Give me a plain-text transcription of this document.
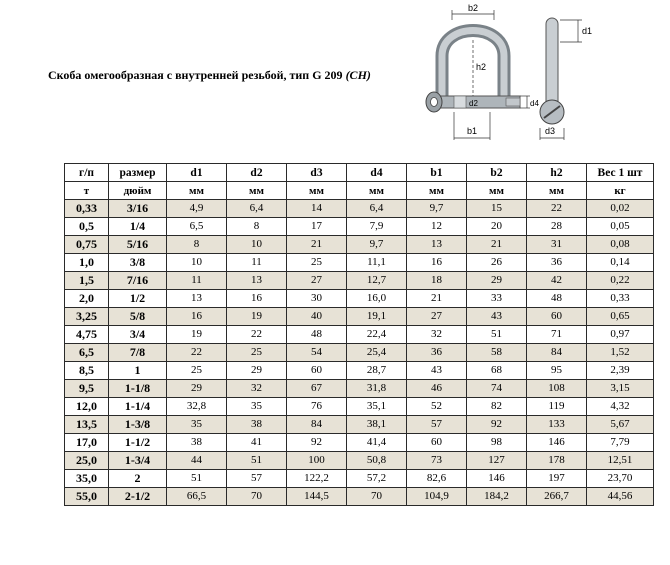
Скоба омегообразная с внутренней резьбой, тип G 209 (CH)
b2
h2
d2	d4
b1
d1
d3
г/п	размер	d1	d2	d3	d4	b1	b2	h2	Вес 1 шт
т	дюйм	мм	мм	мм	мм	мм	мм	мм	кг
0,33	3/16	4,9	6,4	14	6,4	9,7	15	22	0,02
0,5	1/4	6,5	8	17	7,9	12	20	28	0,05
0,75	5/16	8	10	21	9,7	13	21	31	0,08
1,0	3/8	10	11	25	11,1	16	26	36	0,14
1,5	7/16	11	13	27	12,7	18	29	42	0,22
2,0	1/2	13	16	30	16,0	21	33	48	0,33
3,25	5/8	16	19	40	19,1	27	43	60	0,65
4,75	3/4	19	22	48	22,4	32	51	71	0,97
6,5	7/8	22	25	54	25,4	36	58	84	1,52
8,5	1	25	29	60	28,7	43	68	95	2,39
9,5	1-1/8	29	32	67	31,8	46	74	108	3,15
12,0	1-1/4	32,8	35	76	35,1	52	82	119	4,32
13,5	1-3/8	35	38	84	38,1	57	92	133	5,67
17,0	1-1/2	38	41	92	41,4	60	98	146	7,79
25,0	1-3/4	44	51	100	50,8	73	127	178	12,51
35,0	2	51	57	122,2	57,2	82,6	146	197	23,70
55,0	2-1/2	66,5	70	144,5	70	104,9	184,2	266,7	44,56
